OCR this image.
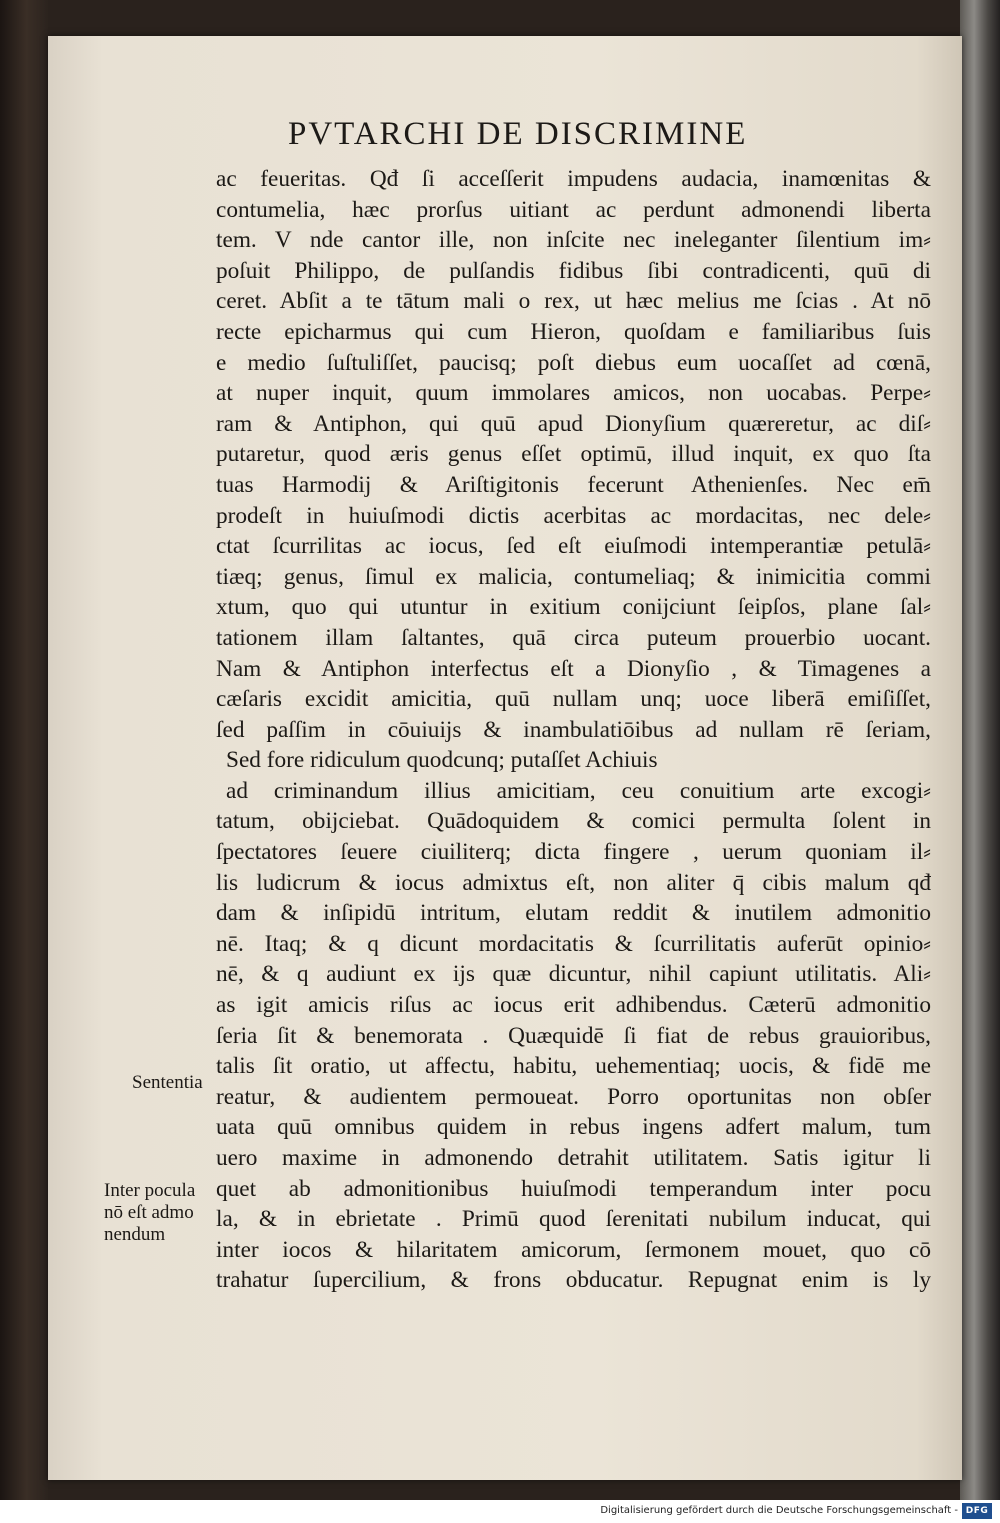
PVTARCHI DE DISCRIMINE
ac feueritas. Qđ ſi acceſſerit impudens audacia, inamœnitas &
contumelia, hæc prorſus uitiant ac perdunt admonendi liberta
tem. V nde cantor ille, non inſcite nec ineleganter ſilentium im⸗
poſuit Philippo, de pulſandis fidibus ſibi contradicenti, quū di
ceret. Abſit a te tātum mali o rex, ut hæc melius me ſcias . At nō
recte epicharmus qui cum Hieron, quoſdam e familiaribus ſuis
e medio ſuſtuliſſet, paucisq; poſt diebus eum uocaſſet ad cœnā,
at nuper inquit, quum immolares amicos, non uocabas. Perpe⸗
ram & Antiphon, qui quū apud Dionyſium quæreretur, ac diſ⸗
putaretur, quod æris genus eſſet optimū, illud inquit, ex quo ſta
tuas Harmodij & Ariſtigitonis fecerunt Athenienſes. Nec em̄
prodeſt in huiuſmodi dictis acerbitas ac mordacitas, nec dele⸗
ctat ſcurrilitas ac iocus, ſed eſt eiuſmodi intemperantiæ petulā⸗
tiæq; genus, ſimul ex malicia, contumeliaq; & inimicitia commi
xtum, quo qui utuntur in exitium conijciunt ſeipſos, plane ſal⸗
tationem illam ſaltantes, quā circa puteum prouerbio uocant.
Nam & Antiphon interfectus eſt a Dionyſio , & Timagenes a
cæſaris excidit amicitia, quū nullam unq; uoce liberā emiſiſſet,
ſed paſſim in cōuiuijs & inambulatiōibus ad nullam rē ſeriam,
Sed fore ridiculum quodcunq; putaſſet Achiuis
ad criminandum illius amicitiam, ceu conuitium arte excogi⸗
tatum, obijciebat. Quādoquidem & comici permulta ſolent in
ſpectatores ſeuere ciuiliterq; dicta fingere , uerum quoniam il⸗
lis ludicrum & iocus admixtus eſt, non aliter q̄ cibis malum qđ
dam & inſipidū intritum, elutam reddit & inutilem admonitio
nē. Itaq; & q dicunt mordacitatis & ſcurrilitatis auferūt opinio⸗
nē, & q audiunt ex ijs quæ dicuntur, nihil capiunt utilitatis. Ali⸗
as igit amicis riſus ac iocus erit adhibendus. Cæterū admonitio
ſeria ſit & benemorata . Quæquidē ſi fiat de rebus grauioribus,
talis ſit oratio, ut affectu, habitu, uehementiaq; uocis, & fidē me
reatur, & audientem permoueat. Porro oportunitas non obſer
uata quū omnibus quidem in rebus ingens adfert malum, tum
uero maxime in admonendo detrahit utilitatem. Satis igitur li
quet ab admonitionibus huiuſmodi temperandum inter pocu
la, & in ebrietate . Primū quod ſerenitati nubilum inducat, qui
inter iocos & hilaritatem amicorum, ſermonem mouet, quo cō
trahatur ſupercilium, & frons obducatur. Repugnat enim is ly
Sententia
Inter pocula
nō eſt admo
nendum
Digitalisierung gefördert durch die Deutsche Forschungsgemeinschaft - DFG
